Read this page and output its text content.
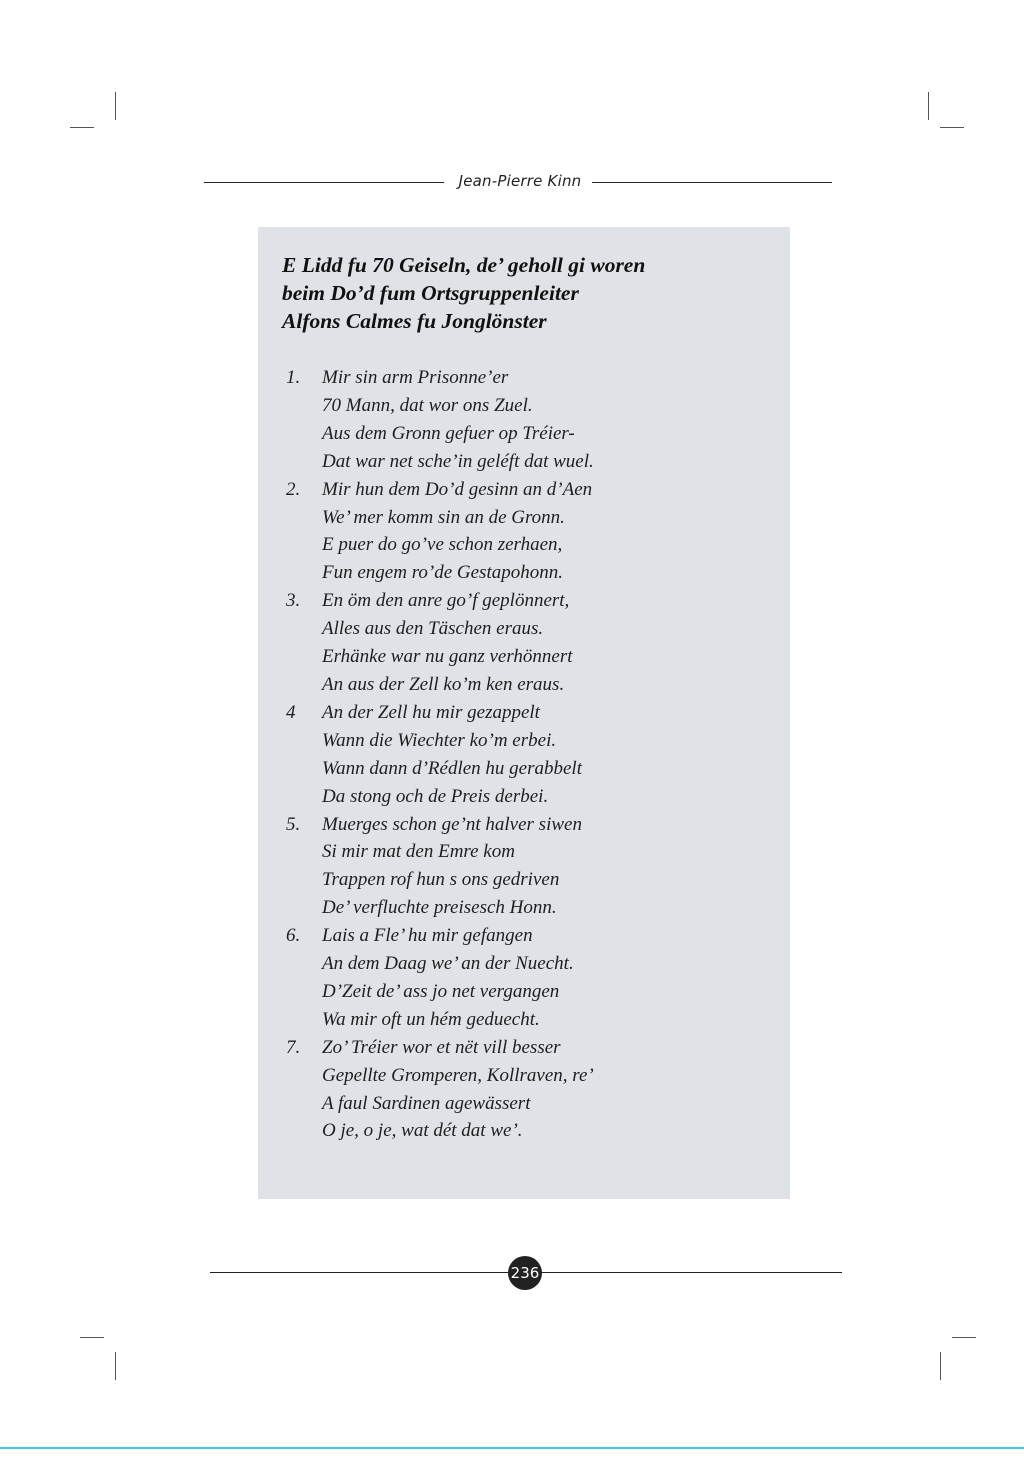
Jean-Pierre Kinn
E Lidd fu 70 Geiseln, de’ geholl gi woren
beim Do’d fum Ortsgruppenleiter
Alfons Calmes fu Jonglönster
1. Mir sin arm Prisonne’er
70 Mann, dat wor ons Zuel.
Aus dem Gronn gefuer op Tréier-
Dat war net sche’in geléft dat wuel.
2. Mir hun dem Do’d gesinn an d’Aen
We’ mer komm sin an de Gronn.
E puer do go’ve schon zerhaen,
Fun engem ro’de Gestapohonn.
3. En öm den anre go’f geplönnert,
Alles aus den Täschen eraus.
Erhänke war nu ganz verhönnert
An aus der Zell ko’m ken eraus.
4 An der Zell hu mir gezappelt
Wann die Wiechter ko’m erbei.
Wann dann d’Rédlen hu gerabbelt
Da stong och de Preis derbei.
5. Muerges schon ge’nt halver siwen
Si mir mat den Emre kom
Trappen rof hun s ons gedriven
De’ verfluchte preisesch Honn.
6. Lais a Fle’ hu mir gefangen
An dem Daag we’ an der Nuecht.
D’Zeit de’ ass jo net vergangen
Wa mir oft un hém geduecht.
7. Zo’ Tréier wor et nët vill besser
Gepellte Gromperen, Kollraven, re’
A faul Sardinen agewässert
O je, o je, wat dét dat we’.
236
